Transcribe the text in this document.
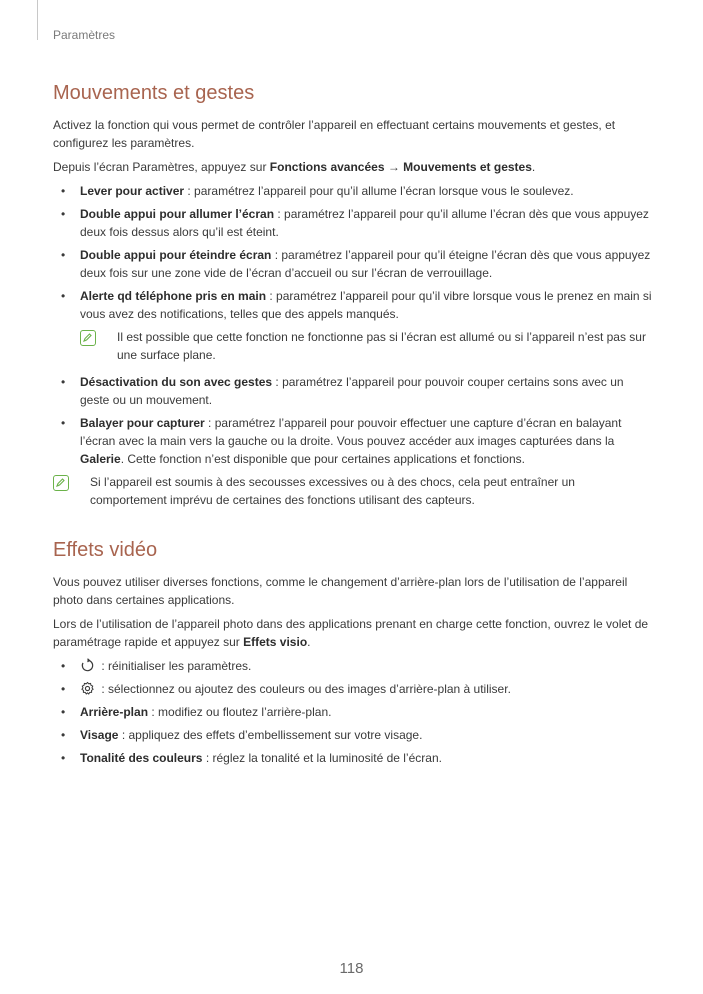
Paramètres
Mouvements et gestes

Activez la fonction qui vous permet de contrôler l’appareil en effectuant certains mouvements et gestes, et configurez les paramètres.

Depuis l’écran Paramètres, appuyez sur Fonctions avancées → Mouvements et gestes.

• Lever pour activer : paramétrez l’appareil pour qu’il allume l’écran lorsque vous le soulevez.
• Double appui pour allumer l’écran : paramétrez l’appareil pour qu’il allume l’écran dès que vous appuyez deux fois dessus alors qu’il est éteint.
• Double appui pour éteindre écran : paramétrez l’appareil pour qu’il éteigne l’écran dès que vous appuyez deux fois sur une zone vide de l’écran d’accueil ou sur l’écran de verrouillage.
• Alerte qd téléphone pris en main : paramétrez l’appareil pour qu’il vibre lorsque vous le prenez en main si vous avez des notifications, telles que des appels manqués.
Il est possible que cette fonction ne fonctionne pas si l’écran est allumé ou si l’appareil n’est pas sur une surface plane.
• Désactivation du son avec gestes : paramétrez l’appareil pour pouvoir couper certains sons avec un geste ou un mouvement.
• Balayer pour capturer : paramétrez l’appareil pour pouvoir effectuer une capture d’écran en balayant l’écran avec la main vers la gauche ou la droite. Vous pouvez accéder aux images capturées dans la Galerie. Cette fonction n’est disponible que pour certaines applications et fonctions.
Si l’appareil est soumis à des secousses excessives ou à des chocs, cela peut entraîner un comportement imprévu de certaines des fonctions utilisant des capteurs.
Effets vidéo

Vous pouvez utiliser diverses fonctions, comme le changement d’arrière-plan lors de l’utilisation de l’appareil photo dans certaines applications.

Lors de l’utilisation de l’appareil photo dans des applications prenant en charge cette fonction, ouvrez le volet de paramétrage rapide et appuyez sur Effets visio.

• : réinitialiser les paramètres.
• : sélectionnez ou ajoutez des couleurs ou des images d’arrière-plan à utiliser.
• Arrière-plan : modifiez ou floutez l’arrière-plan.
• Visage : appliquez des effets d’embellissement sur votre visage.
• Tonalité des couleurs : réglez la tonalité et la luminosité de l’écran.
118
